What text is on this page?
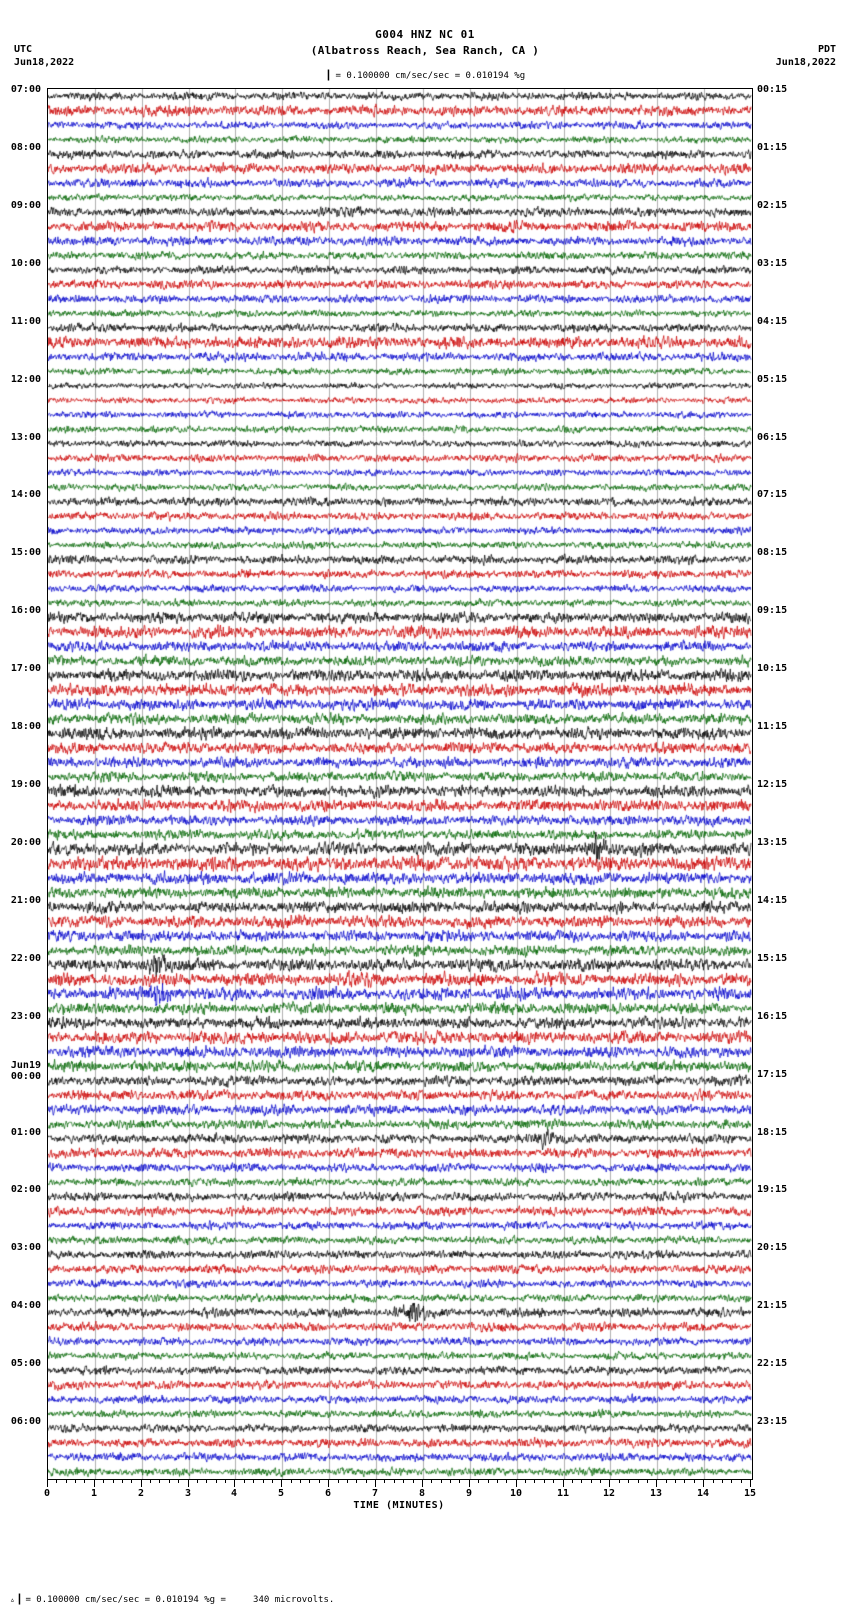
G004 HNZ NC 01
(Albatross Reach, Sea Ranch, CA )
∣ = 0.100000 cm/sec/sec = 0.010194 %g
UTC
Jun18,2022
PDT
Jun18,2022
07:00
08:00
09:00
10:00
11:00
12:00
13:00
14:00
15:00
16:00
17:00
18:00
19:00
20:00
21:00
22:00
23:00
Jun19
00:00
01:00
02:00
03:00
04:00
05:00
06:00
00:15
01:15
02:15
03:15
04:15
05:15
06:15
07:15
08:15
09:15
10:15
11:15
12:15
13:15
14:15
15:15
16:15
17:15
18:15
19:15
20:15
21:15
22:15
23:15
0	1	2	3	4	5	6	7	8	9	10	11	12	13	14	15
TIME (MINUTES)
▵∣= 0.100000 cm/sec/sec = 0.010194 %g =     340 microvolts.
